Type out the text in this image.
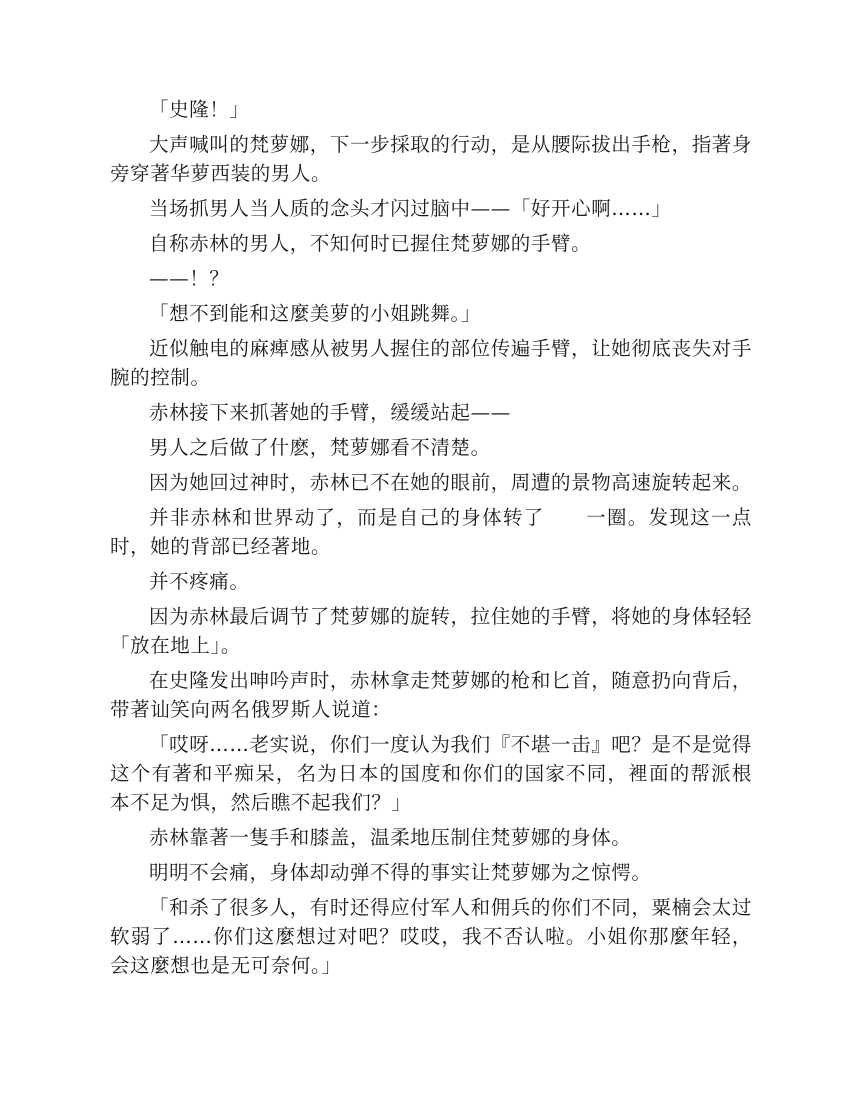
「史隆！」

大声喊叫的梵萝娜，下一步採取的行动，是从腰际拔出手枪，指著身旁穿著华萝西装的男人。

当场抓男人当人质的念头才闪过脑中——「好开心啊……」

自称赤林的男人，不知何时已握住梵萝娜的手臂。

——！？

「想不到能和这麼美萝的小姐跳舞。」

近似触电的麻痺感从被男人握住的部位传遍手臂，让她彻底丧失对手腕的控制。

赤林接下来抓著她的手臂，缓缓站起——

男人之后做了什麽，梵萝娜看不清楚。

因为她回过神时，赤林已不在她的眼前，周遭的景物高速旋转起来。

并非赤林和世界动了，而是自己的身体转了　　一圈。发现这一点时，她的背部已经著地。

并不疼痛。

因为赤林最后调节了梵萝娜的旋转，拉住她的手臂，将她的身体轻轻「放在地上」。

在史隆发出呻吟声时，赤林拿走梵萝娜的枪和匕首，随意扔向背后，带著讪笑向两名俄罗斯人说道：

「哎呀……老实说，你们一度认为我们『不堪一击』吧？是不是觉得这个有著和平痴呆，名为日本的国度和你们的国家不同，裡面的帮派根本不足为惧，然后瞧不起我们？」

赤林靠著一隻手和膝盖，温柔地压制住梵萝娜的身体。

明明不会痛，身体却动弹不得的事实让梵萝娜为之惊愕。

「和杀了很多人，有时还得应付军人和佣兵的你们不同，粟楠会太过软弱了……你们这麼想过对吧？哎哎，我不否认啦。小姐你那麼年轻，会这麼想也是无可奈何。」
